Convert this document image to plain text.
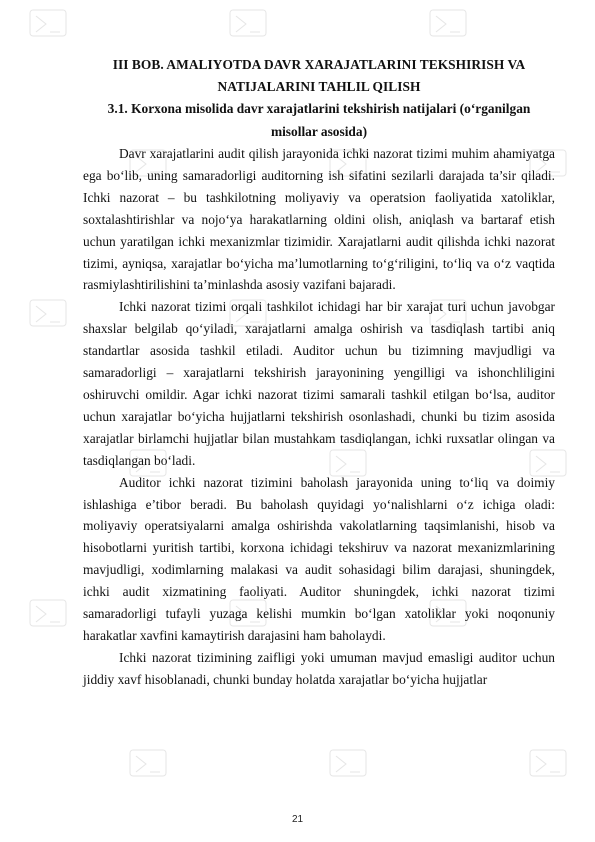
III BOB. AMALIYOTDA DAVR XARAJATLARINI TEKSHIRISH VA NATIJALARINI TAHLIL QILISH
3.1. Korxona misolida davr xarajatlarini tekshirish natijalari (o‘rganilgan misollar asosida)

Davr xarajatlarini audit qilish jarayonida ichki nazorat tizimi muhim ahamiyatga ega bo‘lib, uning samaradorligi auditorning ish sifatini sezilarli darajada ta’sir qiladi. Ichki nazorat – bu tashkilotning moliyaviy va operatsion faoliyatida xatoliklar, soxtalashtirishlar va nojo‘ya harakatlarning oldini olish, aniqlash va bartaraf etish uchun yaratilgan ichki mexanizmlar tizimidir. Xarajatlarni audit qilishda ichki nazorat tizimi, ayniqsa, xarajatlar bo‘yicha ma’lumotlarning to‘g‘riligini, to‘liq va o‘z vaqtida rasmiylashtirilishini ta’minlashda asosiy vazifani bajaradi.

Ichki nazorat tizimi orqali tashkilot ichidagi har bir xarajat turi uchun javobgar shaxslar belgilab qo‘yiladi, xarajatlarni amalga oshirish va tasdiqlash tartibi aniq standartlar asosida tashkil etiladi. Auditor uchun bu tizimning mavjudligi va samaradorligi – xarajatlarni tekshirish jarayonining yengilligi va ishonchliligini oshiruvchi omildir. Agar ichki nazorat tizimi samarali tashkil etilgan bo‘lsa, auditor uchun xarajatlar bo‘yicha hujjatlarni tekshirish osonlashadi, chunki bu tizim asosida xarajatlar birlamchi hujjatlar bilan mustahkam tasdiqlangan, ichki ruxsatlar olingan va tasdiqlangan bo‘ladi.

Auditor ichki nazorat tizimini baholash jarayonida uning to‘liq va doimiy ishlashiga e’tibor beradi. Bu baholash quyidagi yo‘nalishlarni o‘z ichiga oladi: moliyaviy operatsiyalarni amalga oshirishda vakolatlarning taqsimlanishi, hisob va hisobotlarni yuritish tartibi, korxona ichidagi tekshiruv va nazorat mexanizmlarining mavjudligi, xodimlarning malakasi va audit sohasidagi bilim darajasi, shuningdek, ichki audit xizmatining faoliyati. Auditor shuningdek, ichki nazorat tizimi samaradorligi tufayli yuzaga kelishi mumkin bo‘lgan xatoliklar yoki noqonuniy harakatlar xavfini kamaytirish darajasini ham baholaydi.

Ichki nazorat tizimining zaifligi yoki umuman mavjud emasligi auditor uchun jiddiy xavf hisoblanadi, chunki bunday holatda xarajatlar bo‘yicha hujjatlar

21
